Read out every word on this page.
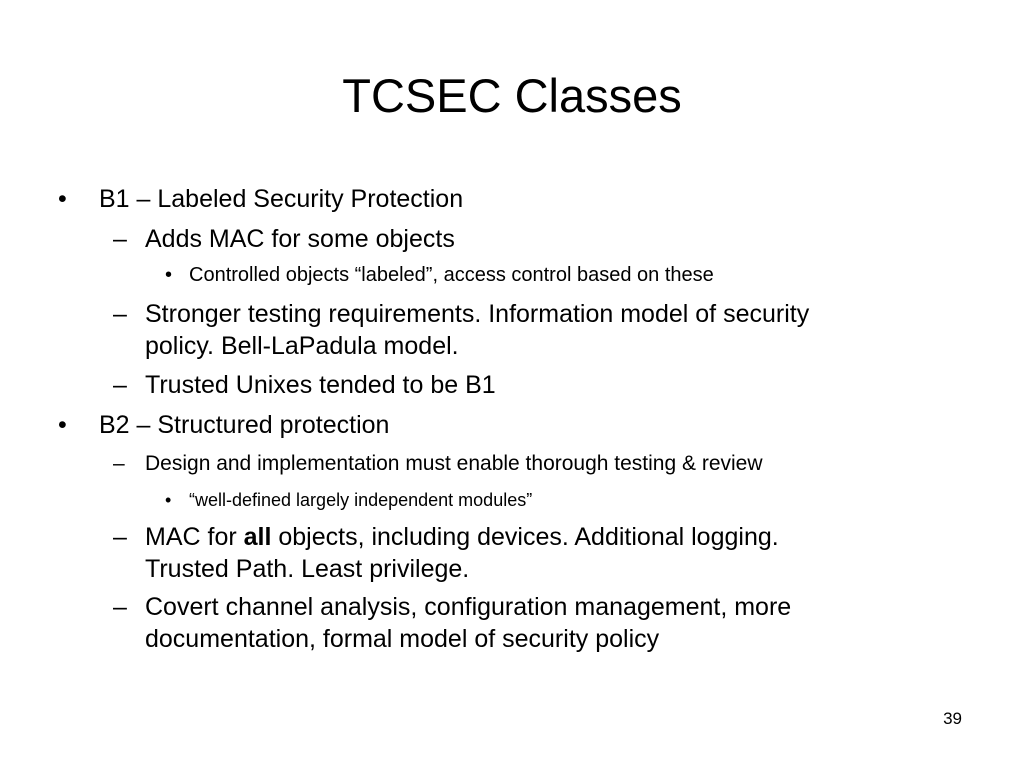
TCSEC Classes
• B1 – Labeled Security Protection
– Adds MAC for some objects
• Controlled objects “labeled”, access control based on these
– Stronger testing requirements. Information model of security
policy. Bell-LaPadula model.
– Trusted Unixes tended to be B1
• B2 – Structured protection
– Design and implementation must enable thorough testing & review
• “well-defined largely independent modules”
– MAC for all objects, including devices. Additional logging.
Trusted Path. Least privilege.
– Covert channel analysis, configuration management, more
documentation, formal model of security policy
39
